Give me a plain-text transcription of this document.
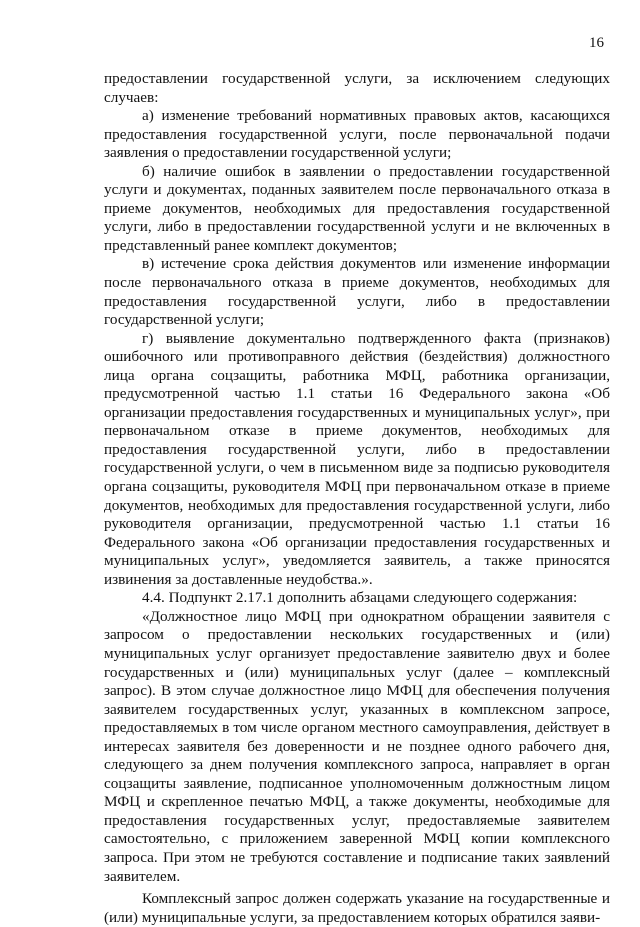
16

предоставлении государственной услуги, за исключением следующих случаев:

а) изменение требований нормативных правовых актов, касающихся предоставления государственной услуги, после первоначальной подачи заявления о предоставлении государственной услуги;

б) наличие ошибок в заявлении о предоставлении государственной услуги и документах, поданных заявителем после первоначального отказа в приеме документов, необходимых для предоставления государственной услуги, либо в предоставлении государственной услуги и не включенных в представленный ранее комплект документов;

в) истечение срока действия документов или изменение информации после первоначального отказа в приеме документов, необходимых для предоставления государственной услуги, либо в предоставлении государственной услуги;

г) выявление документально подтвержденного факта (признаков) ошибочного или противоправного действия (бездействия) должностного лица органа соцзащиты, работника МФЦ, работника организации, предусмотренной частью 1.1 статьи 16 Федерального закона «Об организации предоставления государственных и муниципальных услуг», при первоначальном отказе в приеме документов, необходимых для предоставления государственной услуги, либо в предоставлении государственной услуги, о чем в письменном виде за подписью руководителя органа соцзащиты, руководителя МФЦ при первоначальном отказе в приеме документов, необходимых для предоставления государственной услуги, либо руководителя организации, предусмотренной частью 1.1 статьи 16 Федерального закона «Об организации предоставления государственных и муниципальных услуг», уведомляется заявитель, а также приносятся извинения за доставленные неудобства.».

4.4. Подпункт 2.17.1 дополнить абзацами следующего содержания:

«Должностное лицо МФЦ при однократном обращении заявителя с запросом о предоставлении нескольких государственных и (или) муниципальных услуг организует предоставление заявителю двух и более государственных и (или) муниципальных услуг (далее – комплексный запрос). В этом случае должностное лицо МФЦ для обеспечения получения заявителем государственных услуг, указанных в комплексном запросе, предоставляемых в том числе органом местного самоуправления, действует в интересах заявителя без доверенности и не позднее одного рабочего дня, следующего за днем получения комплексного запроса, направляет в орган соцзащиты заявление, подписанное уполномоченным должностным лицом МФЦ и скрепленное печатью МФЦ, а также документы, необходимые для предоставления государственных услуг, предоставляемые заявителем самостоятельно, с приложением заверенной МФЦ копии комплексного запроса. При этом не требуются составление и подписание таких заявлений заявителем.

Комплексный запрос должен содержать указание на государственные и (или) муниципальные услуги, за предоставлением которых обратился заяви-
